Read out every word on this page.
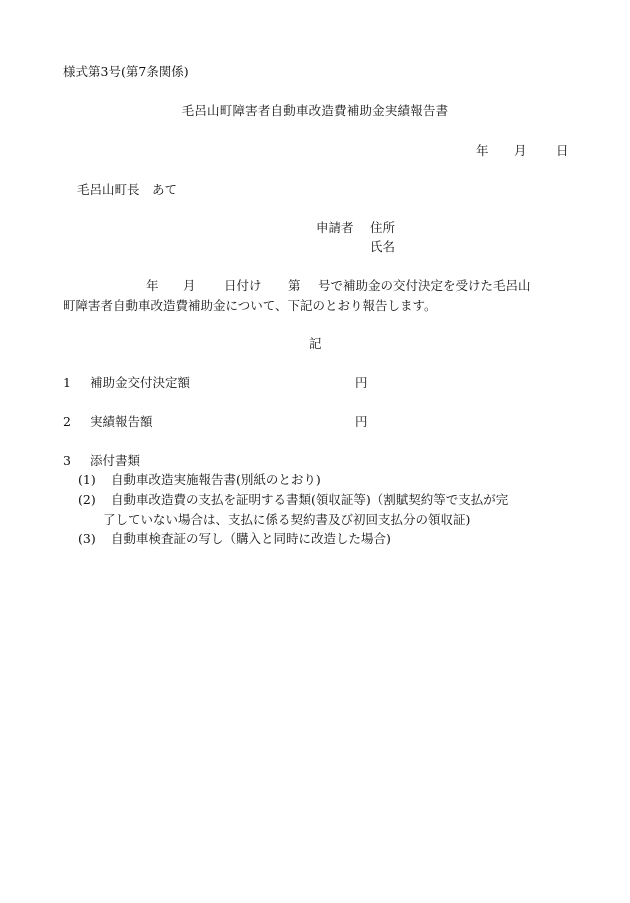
様式第3号(第7条関係)
毛呂山町障害者自動車改造費補助金実績報告書
年 月 日
毛呂山町長　あて
申請者 住所
氏名
年 月 日付け 第 号で補助金の交付決定を受けた毛呂山
町障害者自動車改造費補助金について、下記のとおり報告します。
記
1 補助金交付決定額	円
2 実績報告額	円
3 添付書類
(1) 自動車改造実施報告書(別紙のとおり)
(2) 自動車改造費の支払を証明する書類(領収証等)（割賦契約等で支払が完
了していない場合は、支払に係る契約書及び初回支払分の領収証)
(3) 自動車検査証の写し（購入と同時に改造した場合)
